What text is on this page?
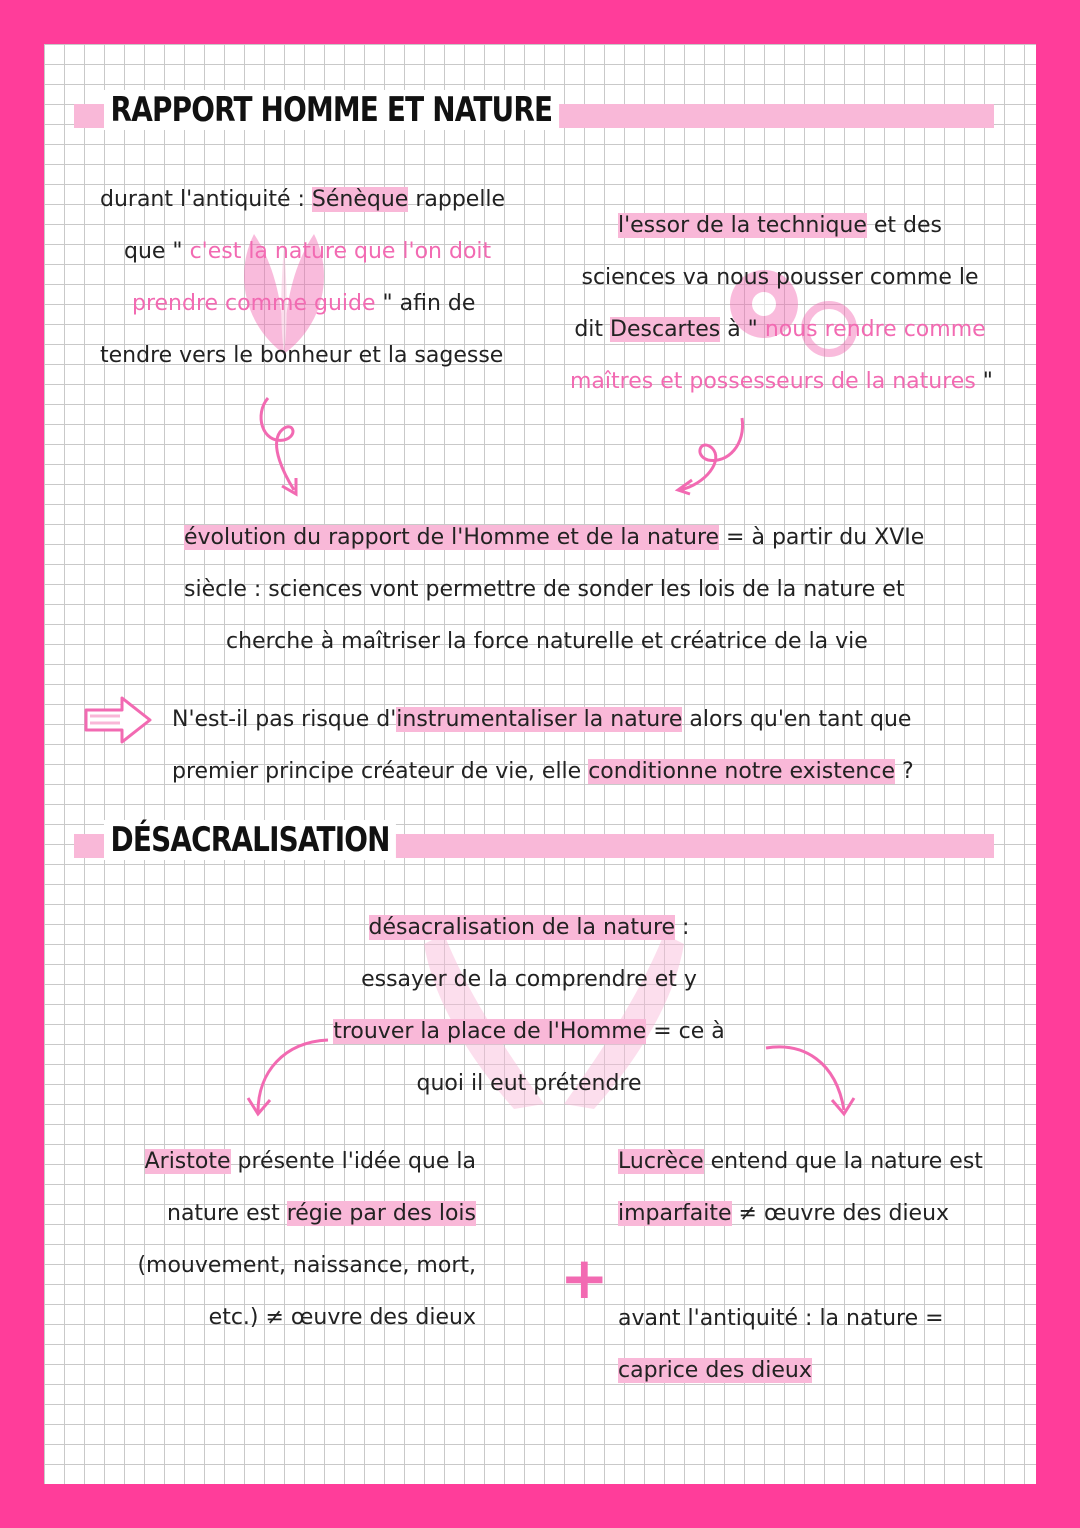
RAPPORT HOMME ET NATURE
durant l'antiquité : Sénèque rappelle
que " c'est la nature que l'on doit
prendre comme guide " afin de
tendre vers le bonheur et la sagesse
l'essor de la technique et des
sciences va nous pousser comme le
dit Descartes à " nous rendre comme
maîtres et possesseurs de la natures "
évolution du rapport de l'Homme et de la nature = à partir du XVIe
siècle : sciences vont permettre de sonder les lois de la nature et
cherche à maîtriser la force naturelle et créatrice de la vie
N'est-il pas risque d'instrumentaliser la nature alors qu'en tant que
premier principe créateur de vie, elle conditionne notre existence ?
DÉSACRALISATION
désacralisation de la nature :
essayer de la comprendre et y
trouver la place de l'Homme = ce à
quoi il eut prétendre
Aristote présente l'idée que la
nature est régie par des lois
(mouvement, naissance, mort,
etc.) ≠ œuvre des dieux
+
Lucrèce entend que la nature est
imparfaite ≠ œuvre des dieux
avant l'antiquité : la nature =
caprice des dieux
